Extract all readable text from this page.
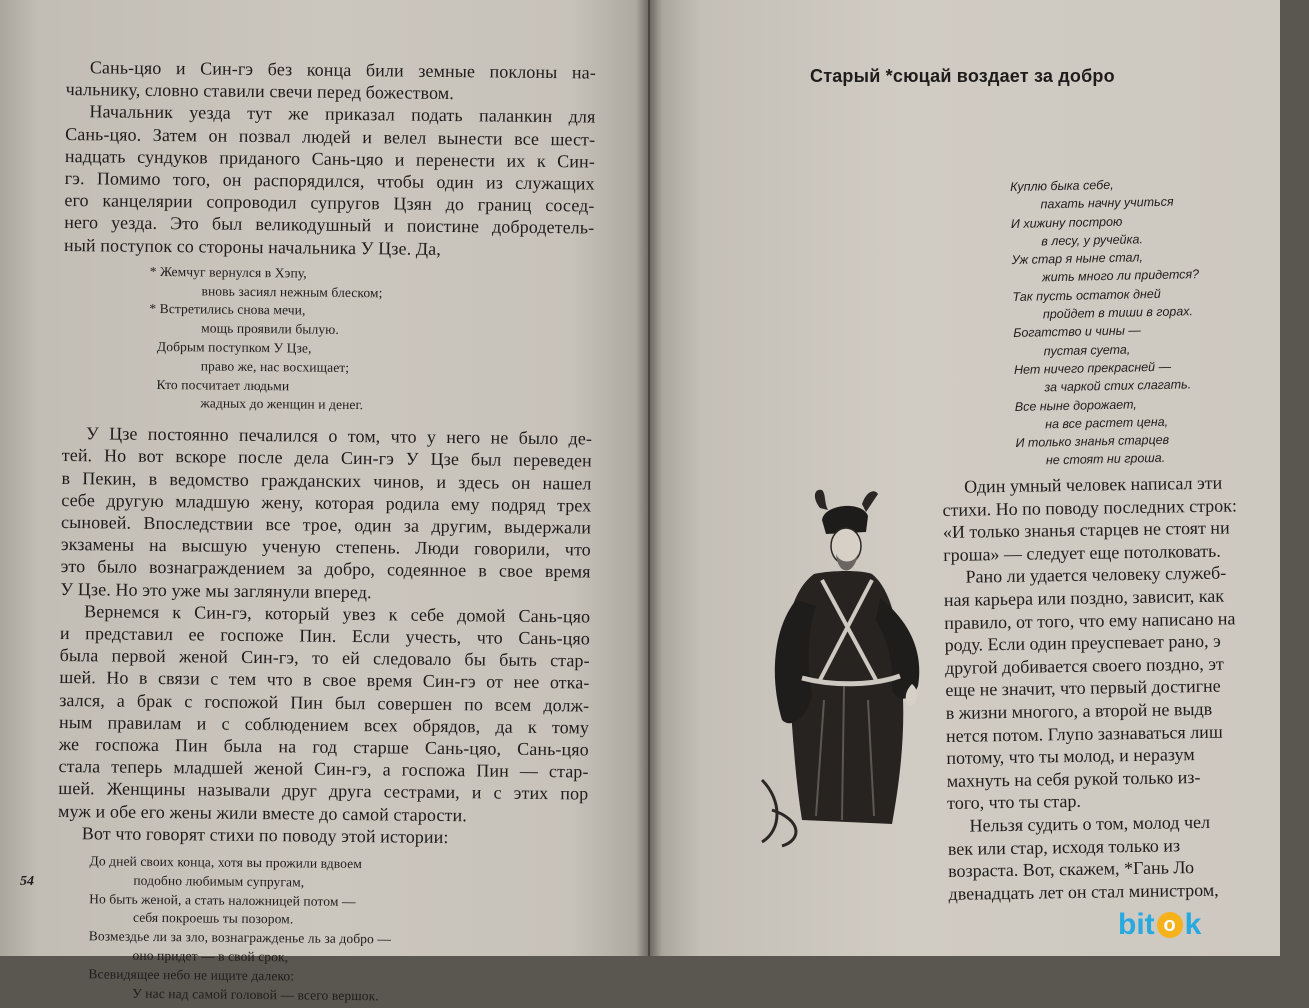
Сань-цяо и Син-гэ без конца били земные поклоны на-
чальнику, словно ставили свечи перед божеством.
Начальник уезда тут же приказал подать паланкин для
Сань-цяо. Затем он позвал людей и велел вынести все шест-
надцать сундуков приданого Сань-цяо и перенести их к Син-
гэ. Помимо того, он распорядился, чтобы один из служащих
его канцелярии сопроводил супругов Цзян до границ сосед-
него уезда. Это был великодушный и поистине добродетель-
ный поступок со стороны начальника У Цзе. Да,
* Жемчуг вернулся в Хэпу,
вновь засиял нежным блеском;
* Встретились снова мечи,
мощь проявили былую.
Добрым поступком У Цзе,
право же, нас восхищает;
Кто посчитает людьми
жадных до женщин и денег.
У Цзе постоянно печалился о том, что у него не было де-
тей. Но вот вскоре после дела Син-гэ У Цзе был переведен
в Пекин, в ведомство гражданских чинов, и здесь он нашел
себе другую младшую жену, которая родила ему подряд трех
сыновей. Впоследствии все трое, один за другим, выдержали
экзамены на высшую ученую степень. Люди говорили, что
это было вознаграждением за добро, содеянное в свое время
У Цзе. Но это уже мы заглянули вперед.
Вернемся к Син-гэ, который увез к себе домой Сань-цяо
и представил ее госпоже Пин. Если учесть, что Сань-цяо
была первой женой Син-гэ, то ей следовало бы быть стар-
шей. Но в связи с тем что в свое время Син-гэ от нее отка-
зался, а брак с госпожой Пин был совершен по всем долж-
ным правилам и с соблюдением всех обрядов, да к тому
же госпожа Пин была на год старше Сань-цяо, Сань-цяо
стала теперь младшей женой Син-гэ, а госпожа Пин — стар-
шей. Женщины называли друг друга сестрами, и с этих пор
муж и обе его жены жили вместе до самой старости.
Вот что говорят стихи по поводу этой истории:
До дней своих конца, хотя вы прожили вдвоем
подобно любимым супругам,
Но быть женой, а стать наложницей потом —
себя покроешь ты позором.
Возмездье ли за зло, вознагражденье ль за добро —
оно придет — в свой срок,
Всевидящее небо не ищите далеко:
У нас над самой головой — всего вершок.
54
Старый *сюцай воздает за добро
Куплю быка себе,
пахать начну учиться
И хижину построю
в лесу, у ручейка.
Уж стар я ныне стал,
жить много ли придется?
Так пусть остаток дней
пройдет в тиши в горах.
Богатство и чины —
пустая суета,
Нет ничего прекрасней —
за чаркой стих слагать.
Все ныне дорожает,
на все растет цена,
И только знанья старцев
не стоят ни гроша.
Один умный человек написал эти
стихи. Но по поводу последних строк:
«И только знанья старцев не стоят ни
гроша» — следует еще потолковать.
Рано ли удается человеку служеб-
ная карьера или поздно, зависит, как
правило, от того, что ему написано на
роду. Если один преуспевает рано, э
другой добивается своего поздно, эт
еще не значит, что первый достигне
в жизни многого, а второй не выдв
нется потом. Глупо зазнаваться лиш
потому, что ты молод, и неразум
махнуть на себя рукой только из-
того, что ты стар.
Нельзя судить о том, молод чел
век или стар, исходя только из
возраста. Вот, скажем, *Гань Ло
двенадцать лет он стал министром,
bit o k
